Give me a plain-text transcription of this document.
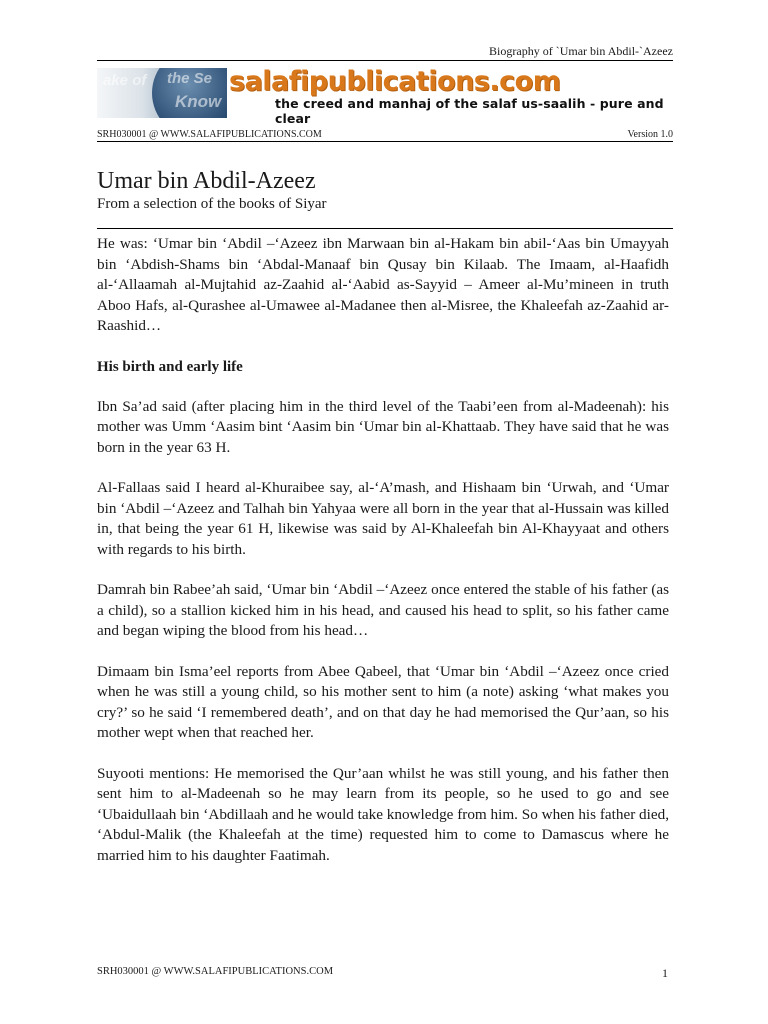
Biography of `Umar bin Abdil-`Azeez
ake of the Se
Know
salafipublications.com
the creed and manhaj of the salaf us-saalih - pure and clear
SRH030001 @ WWW.SALAFIPUBLICATIONS.COM	Version 1.0
Umar bin Abdil-Azeez
From a selection of the books of Siyar

He was: ‘Umar bin ‘Abdil –‘Azeez ibn Marwaan bin al-Hakam bin abil-‘Aas bin Umayyah bin ‘Abdish-Shams bin ‘Abdal-Manaaf bin Qusay bin Kilaab. The Imaam, al-Haafidh al-‘Allaamah al-Mujtahid az-Zaahid al-‘Aabid as-Sayyid – Ameer al-Mu’mineen in truth Aboo Hafs, al-Qurashee al-Umawee al-Madanee then al-Misree, the Khaleefah az-Zaahid ar-Raashid…

His birth and early life

Ibn Sa’ad said (after placing him in the third level of the Taabi’een from al-Madeenah): his mother was Umm ‘Aasim bint ‘Aasim bin ‘Umar bin al-Khattaab. They have said that he was born in the year 63 H.

Al-Fallaas said I heard al-Khuraibee say, al-‘A’mash, and Hishaam bin ‘Urwah, and ‘Umar bin ‘Abdil –‘Azeez and Talhah bin Yahyaa were all born in the year that al-Hussain was killed in, that being the year 61 H, likewise was said by Al-Khaleefah bin Al-Khayyaat and others with regards to his birth.

Damrah bin Rabee’ah said, ‘Umar bin ‘Abdil –‘Azeez once entered the stable of his father (as a child), so a stallion kicked him in his head, and caused his head to split, so his father came and began wiping the blood from his head…

Dimaam bin Isma’eel reports from Abee Qabeel, that ‘Umar bin ‘Abdil –‘Azeez once cried when he was still a young child, so his mother sent to him (a note) asking ‘what makes you cry?’ so he said ‘I remembered death’, and on that day he had memorised the Qur’aan, so his mother wept when that reached her.

Suyooti mentions: He memorised the Qur’aan whilst he was still young, and his father then sent him to al-Madeenah so he may learn from its people, so he used to go and see ‘Ubaidullaah bin ‘Abdillaah and he would take knowledge from him. So when his father died, ‘Abdul-Malik (the Khaleefah at the time) requested him to come to Damascus where he married him to his daughter Faatimah.

SRH030001 @ WWW.SALAFIPUBLICATIONS.COM	1
